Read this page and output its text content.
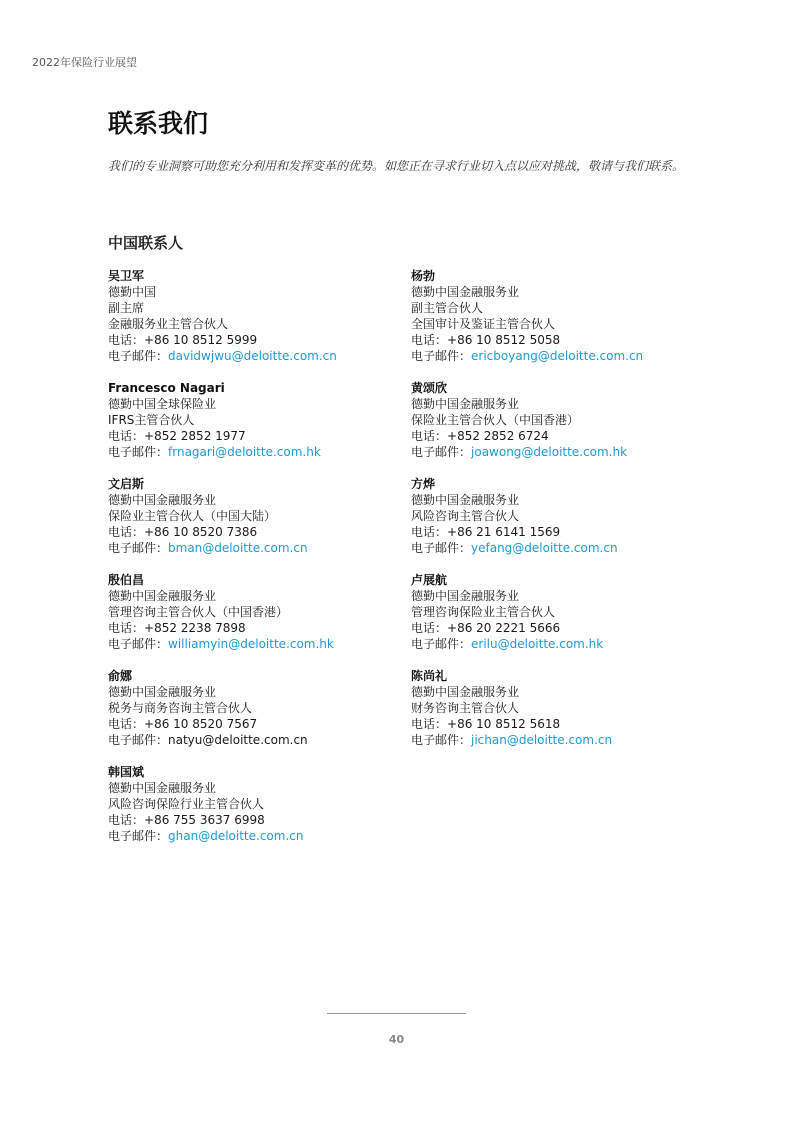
2022年保险行业展望
联系我们

我们的专业洞察可助您充分利用和发挥变革的优势。如您正在寻求行业切入点以应对挑战，敬请与我们联系。

中国联系人
吴卫军
德勤中国
副主席
金融服务业主管合伙人
电话：+86 10 8512 5999
电子邮件：davidwjwu@deloitte.com.cn
Francesco Nagari
德勤中国全球保险业
IFRS主管合伙人
电话：+852 2852 1977
电子邮件：frnagari@deloitte.com.hk
文启斯
德勤中国金融服务业
保险业主管合伙人（中国大陆）
电话：+86 10 8520 7386
电子邮件：bman@deloitte.com.cn
殷伯昌
德勤中国金融服务业
管理咨询主管合伙人（中国香港）
电话：+852 2238 7898
电子邮件：williamyin@deloitte.com.hk
俞娜
德勤中国金融服务业
税务与商务咨询主管合伙人
电话：+86 10 8520 7567
电子邮件：natyu@deloitte.com.cn
韩国斌
德勤中国金融服务业
风险咨询保险行业主管合伙人
电话：+86 755 3637 6998
电子邮件：ghan@deloitte.com.cn
杨勃
德勤中国金融服务业
副主管合伙人
全国审计及鉴证主管合伙人
电话：+86 10 8512 5058
电子邮件：ericboyang@deloitte.com.cn
黄颂欣
德勤中国金融服务业
保险业主管合伙人（中国香港）
电话：+852 2852 6724
电子邮件：joawong@deloitte.com.hk
方烨
德勤中国金融服务业
风险咨询主管合伙人
电话：+86 21 6141 1569
电子邮件：yefang@deloitte.com.cn
卢展航
德勤中国金融服务业
管理咨询保险业主管合伙人
电话：+86 20 2221 5666
电子邮件：erilu@deloitte.com.hk
陈尚礼
德勤中国金融服务业
财务咨询主管合伙人
电话：+86 10 8512 5618
电子邮件：jichan@deloitte.com.cn
40
